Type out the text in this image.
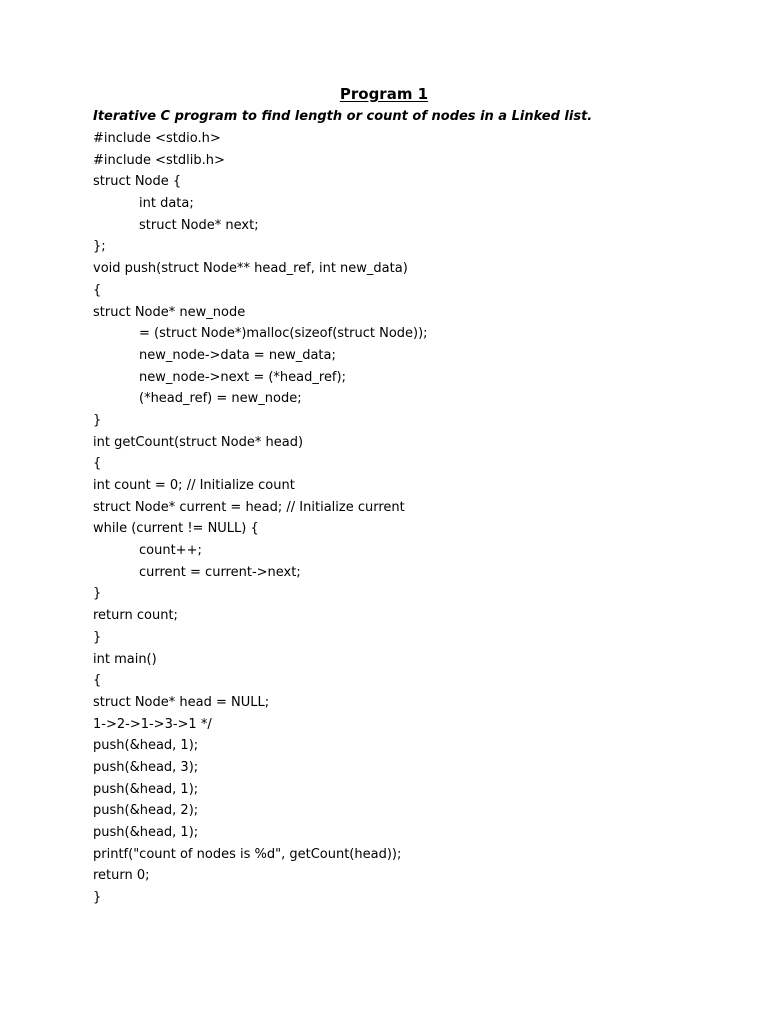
Program 1
Iterative C program to find length or count of nodes in a Linked list.
#include <stdio.h>
#include <stdlib.h>
struct Node {
int data;
struct Node* next;
};
void push(struct Node** head_ref, int new_data)
{
struct Node* new_node
= (struct Node*)malloc(sizeof(struct Node));
new_node->data = new_data;
new_node->next = (*head_ref);
(*head_ref) = new_node;
}
int getCount(struct Node* head)
{
int count = 0; // Initialize count
struct Node* current = head; // Initialize current
while (current != NULL) {
count++;
current = current->next;
}
return count;
}
int main()
{
struct Node* head = NULL;
1->2->1->3->1 */
push(&head, 1);
push(&head, 3);
push(&head, 1);
push(&head, 2);
push(&head, 1);
printf("count of nodes is %d", getCount(head));
return 0;
}
